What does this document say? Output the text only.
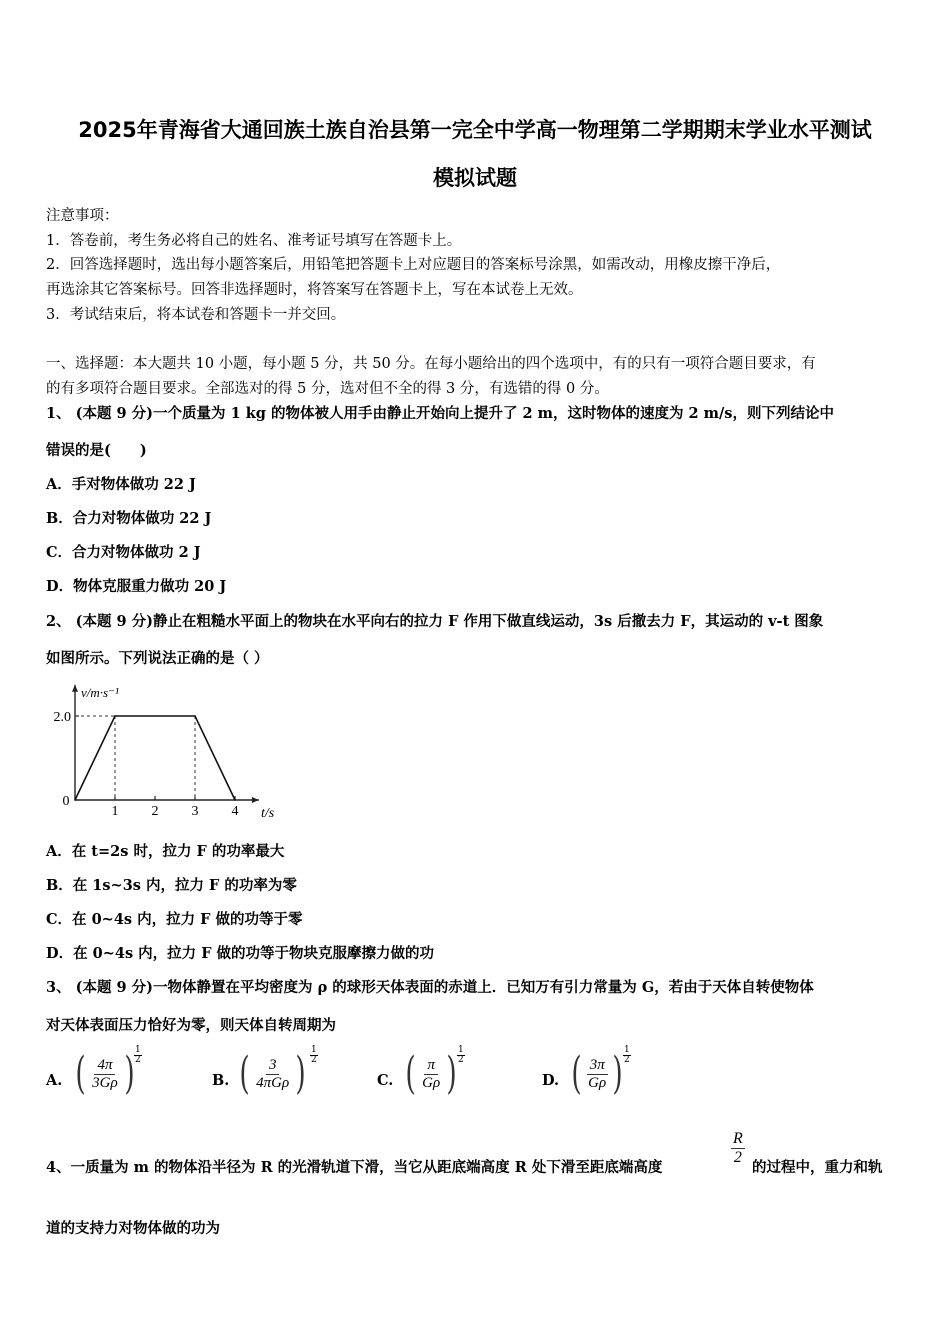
2025年青海省大通回族土族自治县第一完全中学高一物理第二学期期末学业水平测试
模拟试题
注意事项：
1．答卷前，考生务必将自己的姓名、准考证号填写在答题卡上。
2．回答选择题时，选出每小题答案后，用铅笔把答题卡上对应题目的答案标号涂黑，如需改动，用橡皮擦干净后，
再选涂其它答案标号。回答非选择题时，将答案写在答题卡上，写在本试卷上无效。
3．考试结束后，将本试卷和答题卡一并交回。
一、选择题：本大题共 10 小题，每小题 5 分，共 50 分。在每小题给出的四个选项中，有的只有一项符合题目要求，有
的有多项符合题目要求。全部选对的得 5 分，选对但不全的得 3 分，有选错的得 0 分。
1、 (本题 9 分)一个质量为 1 kg 的物体被人用手由静止开始向上提升了 2 m，这时物体的速度为 2 m/s，则下列结论中
错误的是(　　)
A．手对物体做功 22 J
B．合力对物体做功 22 J
C．合力对物体做功 2 J
D．物体克服重力做功 20 J
2、 (本题 9 分)静止在粗糙水平面上的物块在水平向右的拉力 F 作用下做直线运动，3s 后撤去力 F，其运动的 v-t 图象
如图所示。下列说法正确的是（ ）
1 2 3 4
2.0
0
t/s
v/m·s⁻¹
A．在 t=2s 时，拉力 F 的功率最大
B．在 1s~3s 内，拉力 F 的功率为零
C．在 0~4s 内，拉力 F 做的功等于零
D．在 0~4s 内，拉力 F 做的功等于物块克服摩擦力做的功
3、 (本题 9 分)一物体静置在平均密度为 ρ 的球形天体表面的赤道上．已知万有引力常量为 G，若由于天体自转使物体
对天体表面压力恰好为零，则天体自转周期为
A. ( $\frac{4\pi}{3G\rho}$ ) 1
2
B. ( $\frac{3}{\text{4πGρ}}$ ) 1
2
C. ( $\frac{\pi}{G\rho}$ ) 1
2
D. ( $\frac{3\pi}{G\rho}$ ) 1
2
4、一质量为 m 的物体沿半径为 R 的光滑轨道下滑，当它从距底端高度 R 处下滑至距底端高度	$\frac{R}{2}$ 的过程中，重力和轨
道的支持力对物体做的功为
